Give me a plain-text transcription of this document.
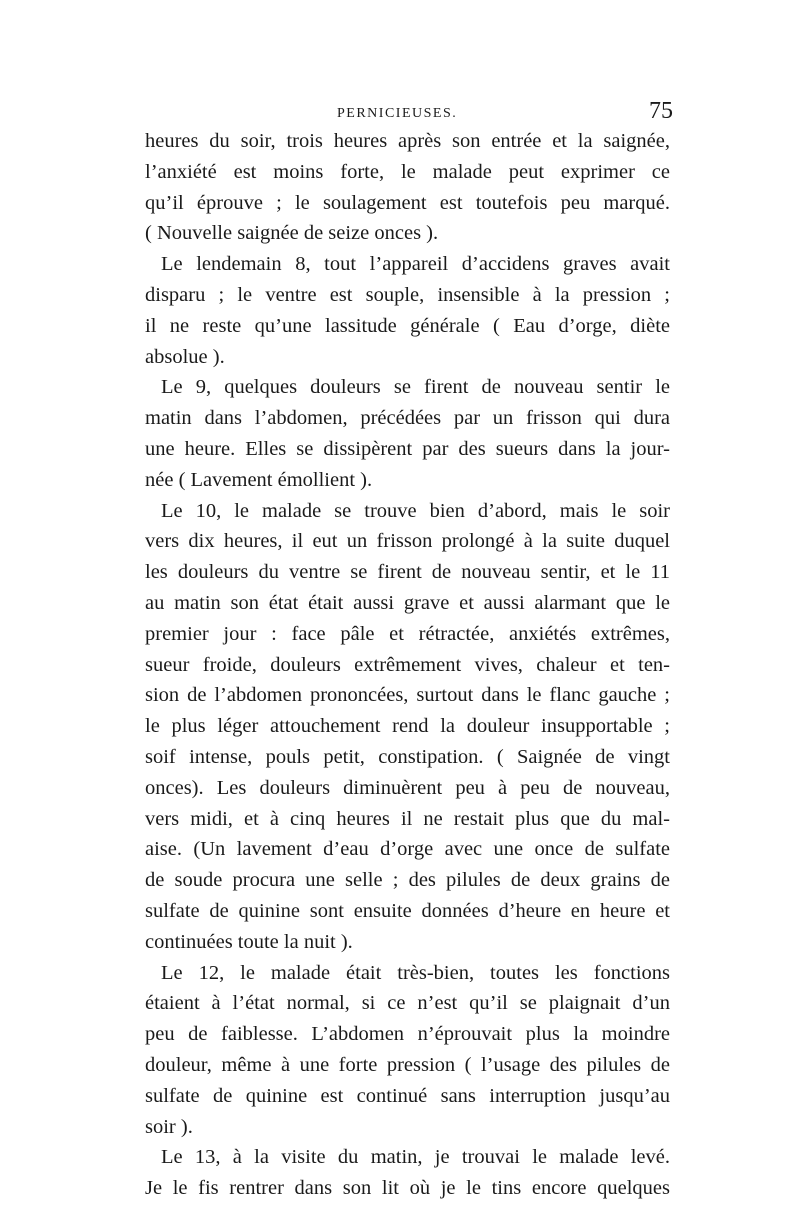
PERNICIEUSES.	75
heures du soir, trois heures après son entrée et la saignée,
l’anxiété est moins forte, le malade peut exprimer ce
qu’il éprouve ; le soulagement est toutefois peu marqué.
( Nouvelle saignée de seize onces ).
Le lendemain 8, tout l’appareil d’accidens graves avait
disparu ; le ventre est souple, insensible à la pression ;
il ne reste qu’une lassitude générale ( Eau d’orge, diète
absolue ).
Le 9, quelques douleurs se firent de nouveau sentir le
matin dans l’abdomen, précédées par un frisson qui dura
une heure. Elles se dissipèrent par des sueurs dans la jour-
née ( Lavement émollient ).
Le 10, le malade se trouve bien d’abord, mais le soir
vers dix heures, il eut un frisson prolongé à la suite duquel
les douleurs du ventre se firent de nouveau sentir, et le 11
au matin son état était aussi grave et aussi alarmant que le
premier jour : face pâle et rétractée, anxiétés extrêmes,
sueur froide, douleurs extrêmement vives, chaleur et ten-
sion de l’abdomen prononcées, surtout dans le flanc gauche ;
le plus léger attouchement rend la douleur insupportable ;
soif intense, pouls petit, constipation. ( Saignée de vingt
onces). Les douleurs diminuèrent peu à peu de nouveau,
vers midi, et à cinq heures il ne restait plus que du mal-
aise. (Un lavement d’eau d’orge avec une once de sulfate
de soude procura une selle ; des pilules de deux grains de
sulfate de quinine sont ensuite données d’heure en heure et
continuées toute la nuit ).
Le 12, le malade était très-bien, toutes les fonctions
étaient à l’état normal, si ce n’est qu’il se plaignait d’un
peu de faiblesse. L’abdomen n’éprouvait plus la moindre
douleur, même à une forte pression ( l’usage des pilules de
sulfate de quinine est continué sans interruption jusqu’au
soir ).
Le 13, à la visite du matin, je trouvai le malade levé.
Je le fis rentrer dans son lit où je le tins encore quelques
